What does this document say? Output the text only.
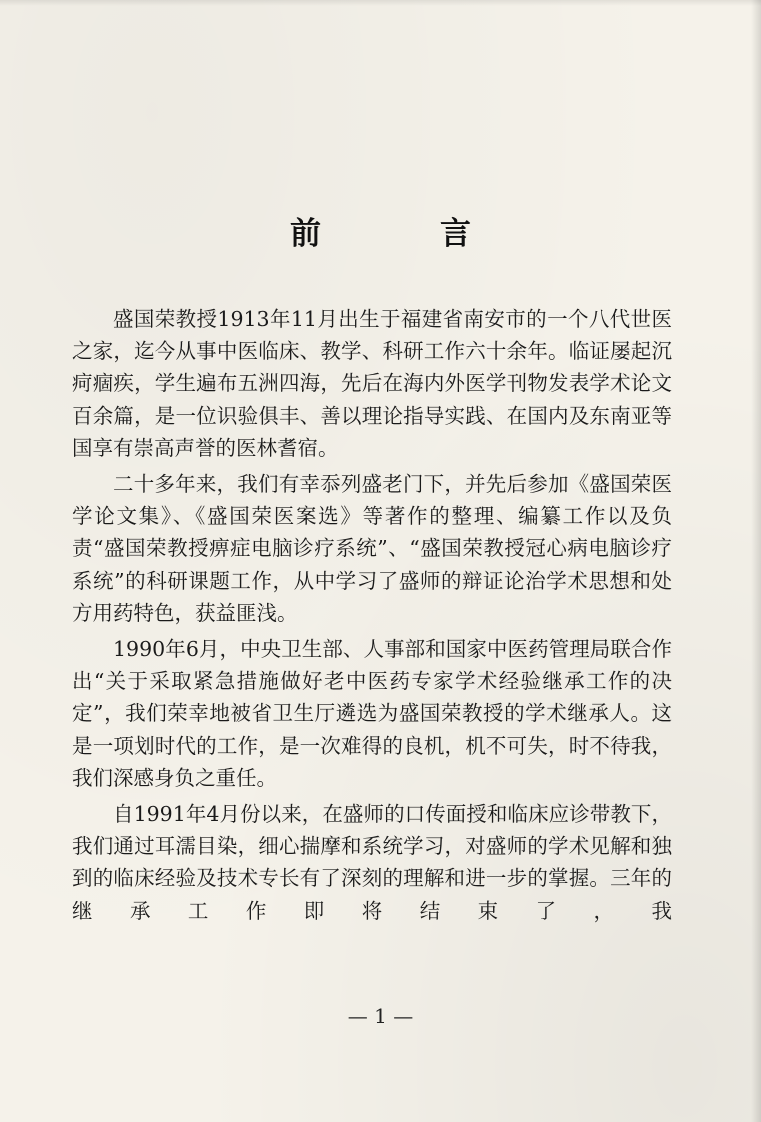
前　言

盛国荣教授1913年11月出生于福建省南安市的一个八代世医之家，迄今从事中医临床、教学、科研工作六十余年。临证屡起沉疴痼疾，学生遍布五洲四海，先后在海内外医学刊物发表学术论文百余篇，是一位识验俱丰、善以理论指导实践、在国内及东南亚等国享有崇高声誉的医林耆宿。

二十多年来，我们有幸忝列盛老门下，并先后参加《盛国荣医学论文集》、《盛国荣医案选》等著作的整理、编纂工作以及负责“盛国荣教授痹症电脑诊疗系统”、“盛国荣教授冠心病电脑诊疗系统”的科研课题工作，从中学习了盛师的辩证论治学术思想和处方用药特色，获益匪浅。

1990年6月，中央卫生部、人事部和国家中医药管理局联合作出“关于采取紧急措施做好老中医药专家学术经验继承工作的决定”，我们荣幸地被省卫生厅遴选为盛国荣教授的学术继承人。这是一项划时代的工作，是一次难得的良机，机不可失，时不待我，我们深感身负之重任。

自1991年4月份以来，在盛师的口传面授和临床应诊带教下，我们通过耳濡目染，细心揣摩和系统学习，对盛师的学术见解和独到的临床经验及技术专长有了深刻的理解和进一步的掌握。三年的继承工作即将结束了，我

— 1 —
